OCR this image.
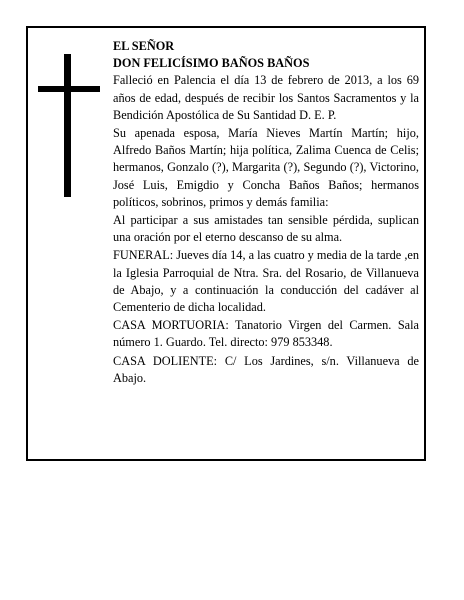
EL SEÑOR

DON FELICÍSIMO BAÑOS BAÑOS

Falleció en Palencia el día 13 de febrero de 2013, a los 69 años de edad, después de recibir los Santos Sacramentos y la Bendición Apostólica de Su Santidad D. E. P.

Su apenada esposa, María Nieves Martín Martín; hijo, Alfredo Baños Martín; hija política, Zalima Cuenca de Celis; hermanos, Gonzalo (?), Margarita (?), Segundo (?), Victorino, José Luis, Emigdio y Concha Baños Baños; hermanos políticos, sobrinos, primos y demás familia:

Al participar a sus amistades tan sensible pérdida, suplican una oración por el eterno descanso de su alma.

FUNERAL: Jueves día 14, a las cuatro y media de la tarde ,en la Iglesia Parroquial de Ntra. Sra. del Rosario, de Villanueva de Abajo, y a continuación la conducción del cadáver al Cementerio de dicha localidad.

CASA MORTUORIA: Tanatorio Virgen del Carmen. Sala número 1. Guardo. Tel. directo: 979 853348.

CASA DOLIENTE: C/ Los Jardines, s/n. Villanueva de Abajo.
